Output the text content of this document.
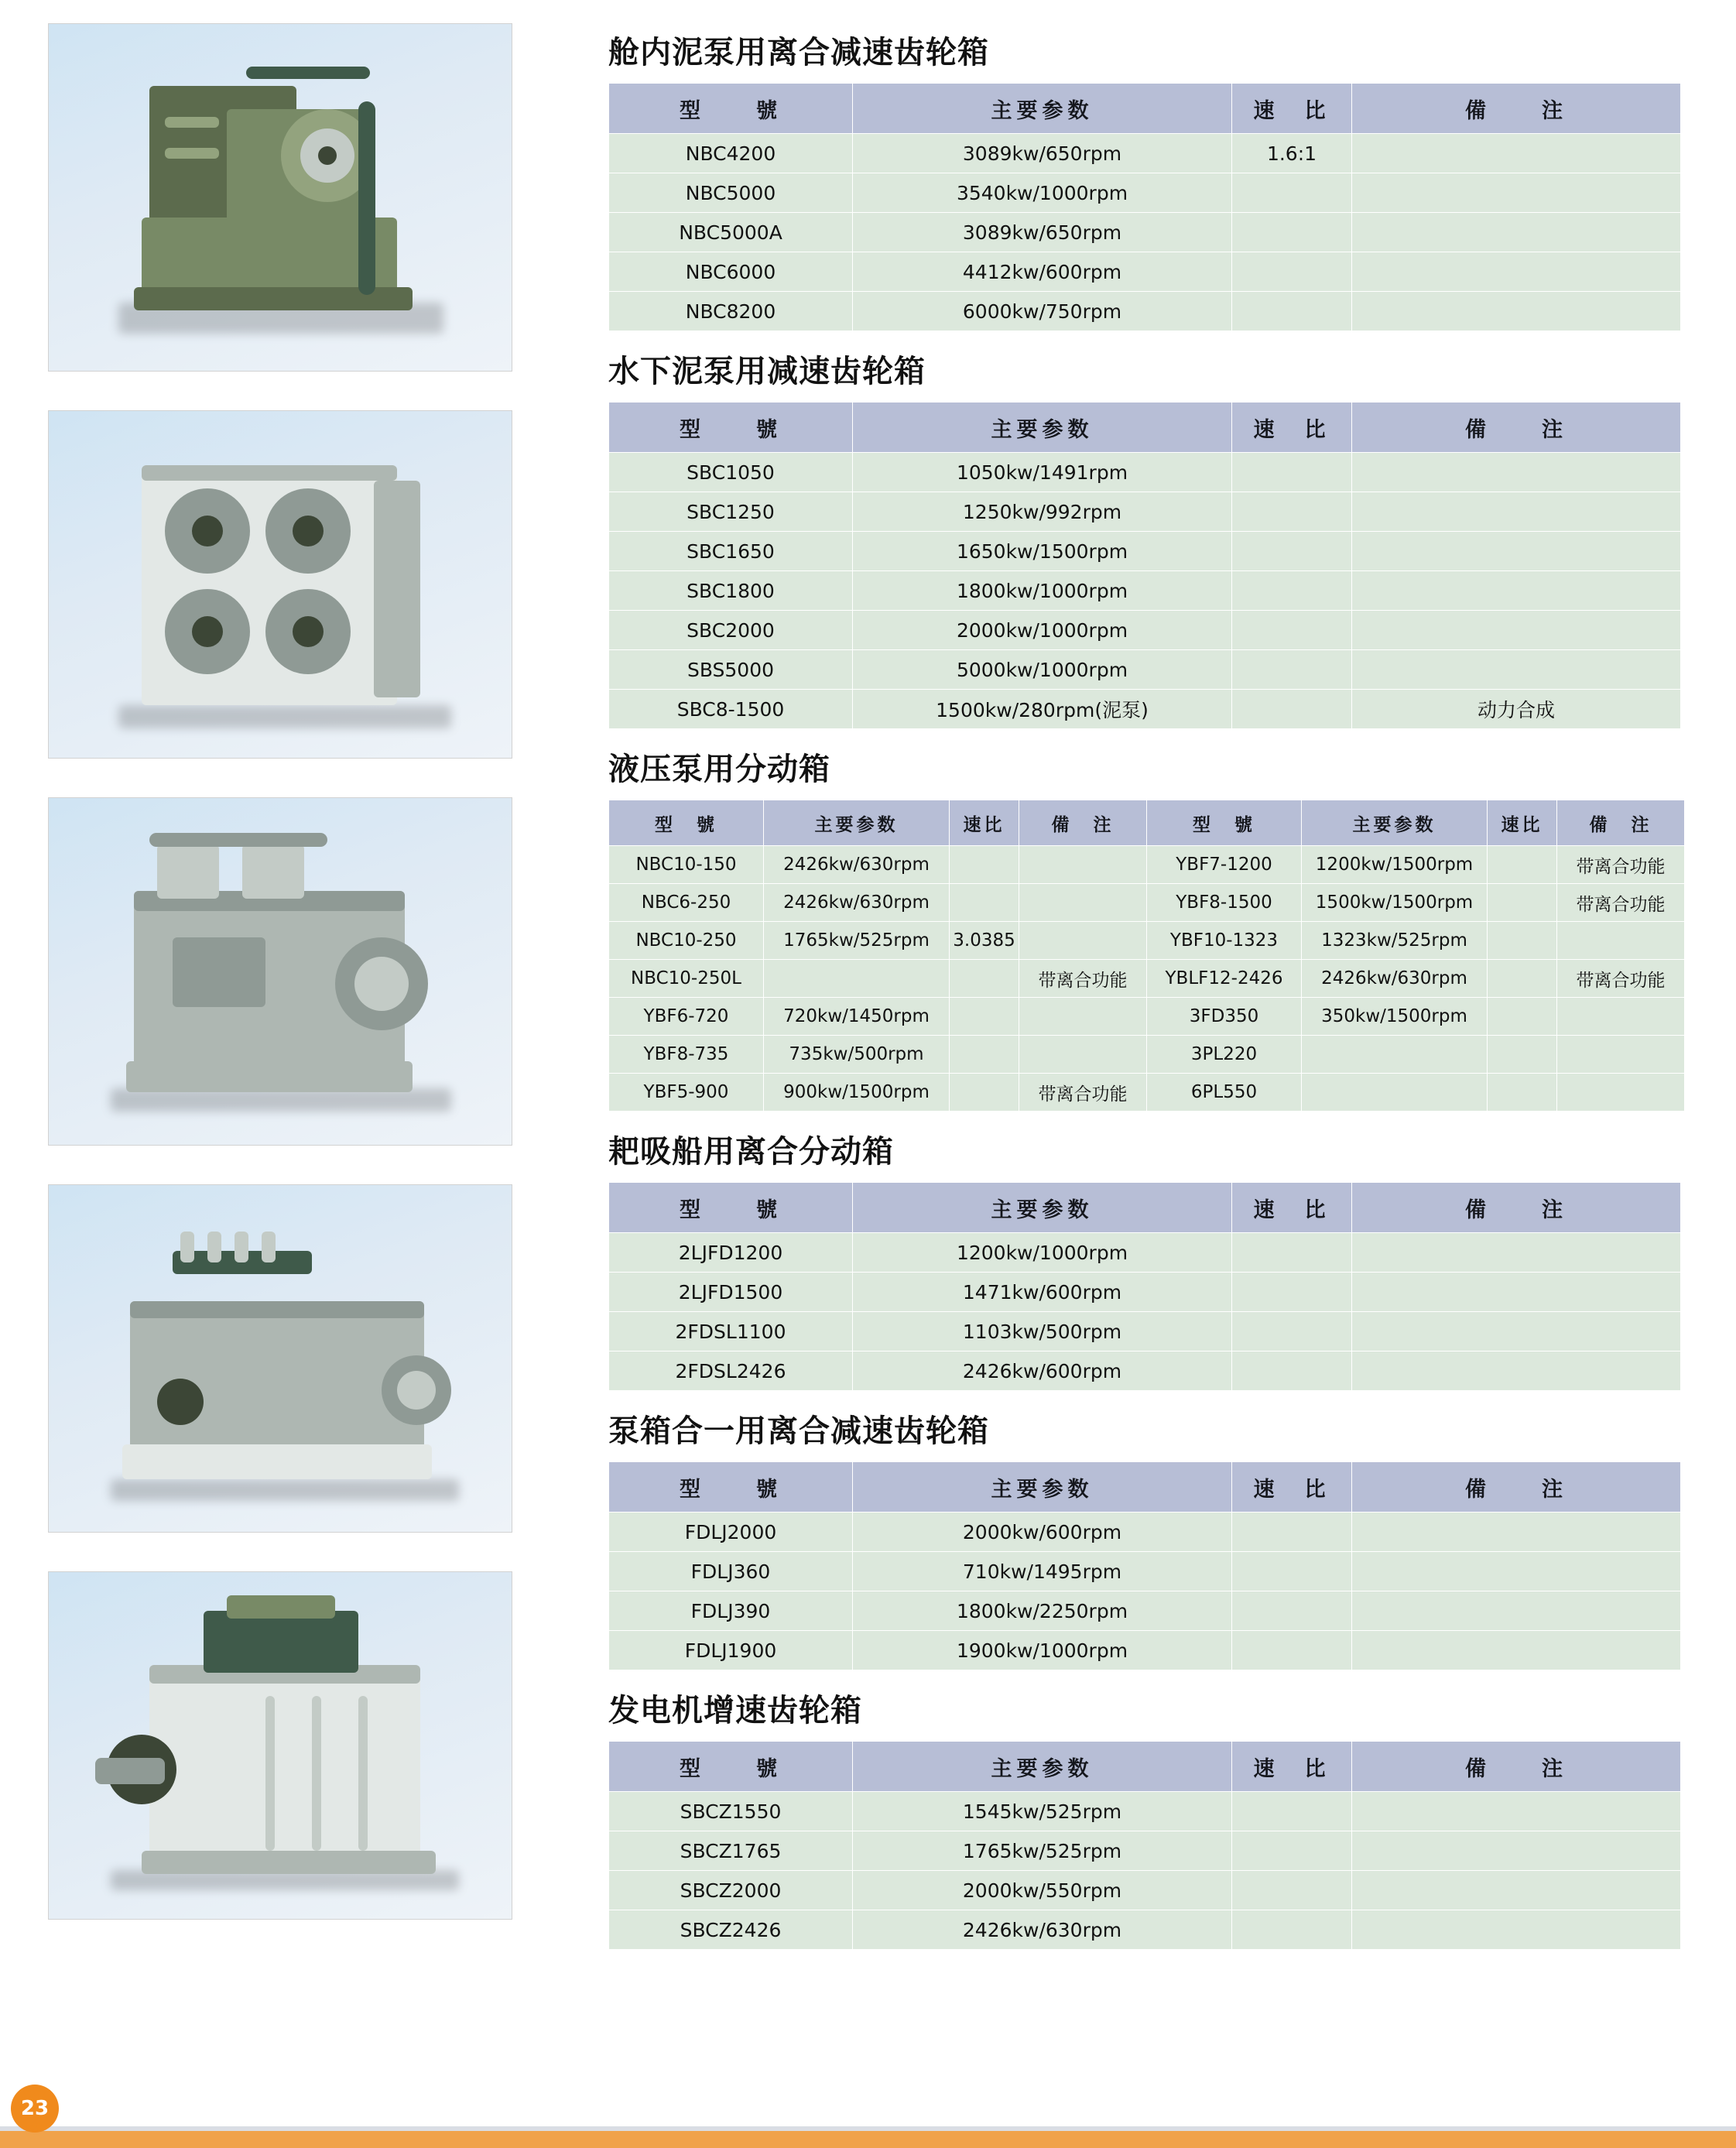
舱内泥泵用离合减速齿轮箱
型　　號	主要参数	速　比	備　　注
NBC4200	3089kw/650rpm	1.6:1	
NBC5000	3540kw/1000rpm		
NBC5000A	3089kw/650rpm		
NBC6000	4412kw/600rpm		
NBC8200	6000kw/750rpm		
水下泥泵用减速齿轮箱
型　　號	主要参数	速　比	備　　注
SBC1050	1050kw/1491rpm		
SBC1250	1250kw/992rpm		
SBC1650	1650kw/1500rpm		
SBC1800	1800kw/1000rpm		
SBC2000	2000kw/1000rpm		
SBS5000	5000kw/1000rpm		
SBC8-1500	1500kw/280rpm(泥泵)		动力合成
液压泵用分动箱
型　號	主要参数	速比	備　注	型　號	主要参数	速比	備　注
NBC10-150	2426kw/630rpm			YBF7-1200	1200kw/1500rpm		带离合功能
NBC6-250	2426kw/630rpm			YBF8-1500	1500kw/1500rpm		带离合功能
NBC10-250	1765kw/525rpm	3.0385		YBF10-1323	1323kw/525rpm		
NBC10-250L			带离合功能	YBLF12-2426	2426kw/630rpm		带离合功能
YBF6-720	720kw/1450rpm			3FD350	350kw/1500rpm		
YBF8-735	735kw/500rpm			3PL220			
YBF5-900	900kw/1500rpm		带离合功能	6PL550			
耙吸船用离合分动箱
型　　號	主要参数	速　比	備　　注
2LJFD1200	1200kw/1000rpm		
2LJFD1500	1471kw/600rpm		
2FDSL1100	1103kw/500rpm		
2FDSL2426	2426kw/600rpm		
泵箱合一用离合减速齿轮箱
型　　號	主要参数	速　比	備　　注
FDLJ2000	2000kw/600rpm		
FDLJ360	710kw/1495rpm		
FDLJ390	1800kw/2250rpm		
FDLJ1900	1900kw/1000rpm		
发电机增速齿轮箱
型　　號	主要参数	速　比	備　　注
SBCZ1550	1545kw/525rpm		
SBCZ1765	1765kw/525rpm		
SBCZ2000	2000kw/550rpm		
SBCZ2426	2426kw/630rpm		
23
